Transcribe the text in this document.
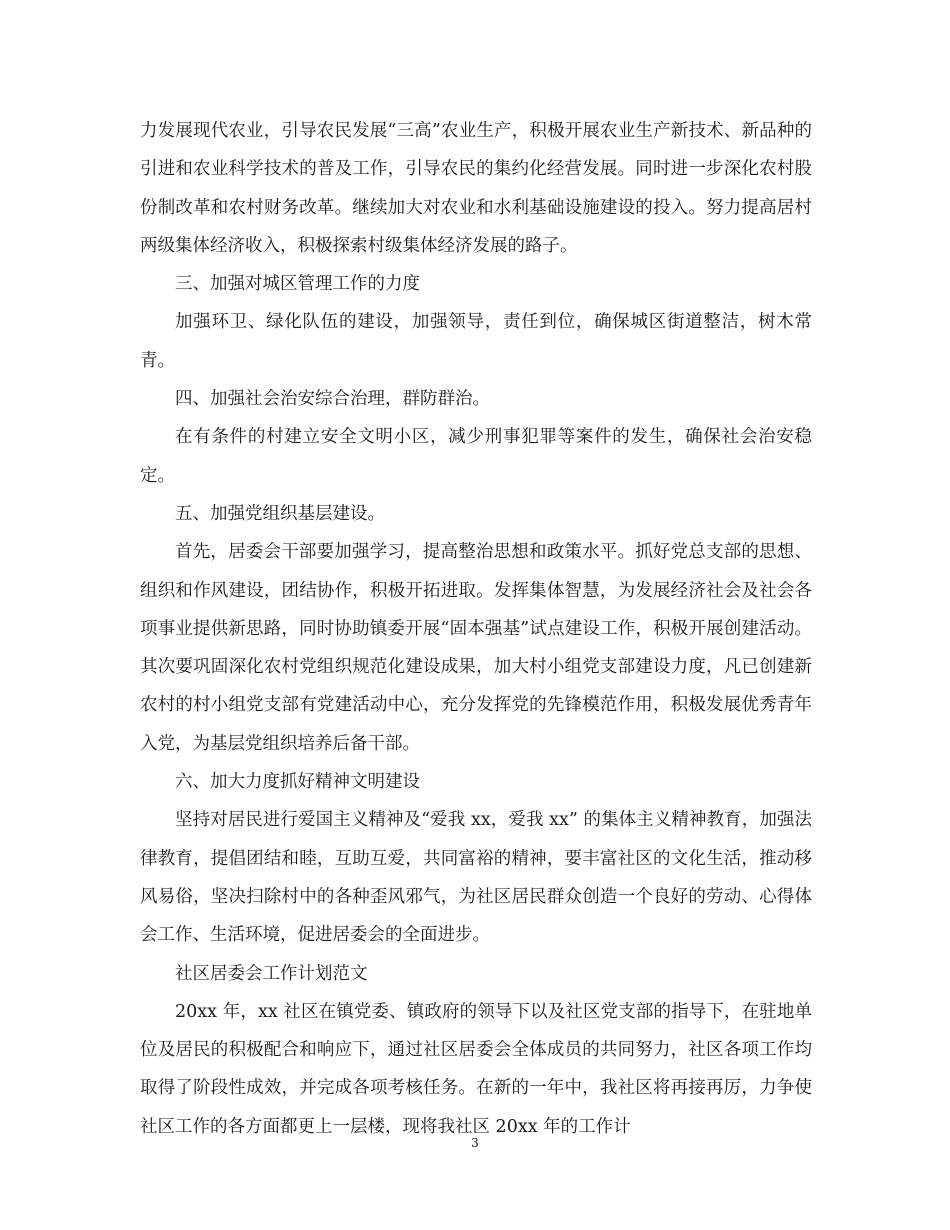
力发展现代农业，引导农民发展“三高”农业生产，积极开展农业生产新技术、新品种的引进和农业科学技术的普及工作，引导农民的集约化经营发展。同时进一步深化农村股份制改革和农村财务改革。继续加大对农业和水利基础设施建设的投入。努力提高居村两级集体经济收入，积极探索村级集体经济发展的路子。

三、加强对城区管理工作的力度

加强环卫、绿化队伍的建设，加强领导，责任到位，确保城区街道整洁，树木常青。

四、加强社会治安综合治理，群防群治。

在有条件的村建立安全文明小区，减少刑事犯罪等案件的发生，确保社会治安稳定。

五、加强党组织基层建设。

首先，居委会干部要加强学习，提高整治思想和政策水平。抓好党总支部的思想、组织和作风建设，团结协作，积极开拓进取。发挥集体智慧，为发展经济社会及社会各项事业提供新思路，同时协助镇委开展“固本强基”试点建设工作，积极开展创建活动。其次要巩固深化农村党组织规范化建设成果，加大村小组党支部建设力度，凡已创建新农村的村小组党支部有党建活动中心，充分发挥党的先锋模范作用，积极发展优秀青年入党，为基层党组织培养后备干部。

六、加大力度抓好精神文明建设

坚持对居民进行爱国主义精神及“爱我 xx，爱我 xx” 的集体主义精神教育，加强法律教育，提倡团结和睦，互助互爱，共同富裕的精神，要丰富社区的文化生活，推动移风易俗，坚决扫除村中的各种歪风邪气，为社区居民群众创造一个良好的劳动、心得体会工作、生活环境，促进居委会的全面进步。

社区居委会工作计划范文

20xx 年，xx 社区在镇党委、镇政府的领导下以及社区党支部的指导下，在驻地单位及居民的积极配合和响应下，通过社区居委会全体成员的共同努力，社区各项工作均取得了阶段性成效，并完成各项考核任务。在新的一年中，我社区将再接再厉，力争使社区工作的各方面都更上一层楼，现将我社区 20xx 年的工作计

3
